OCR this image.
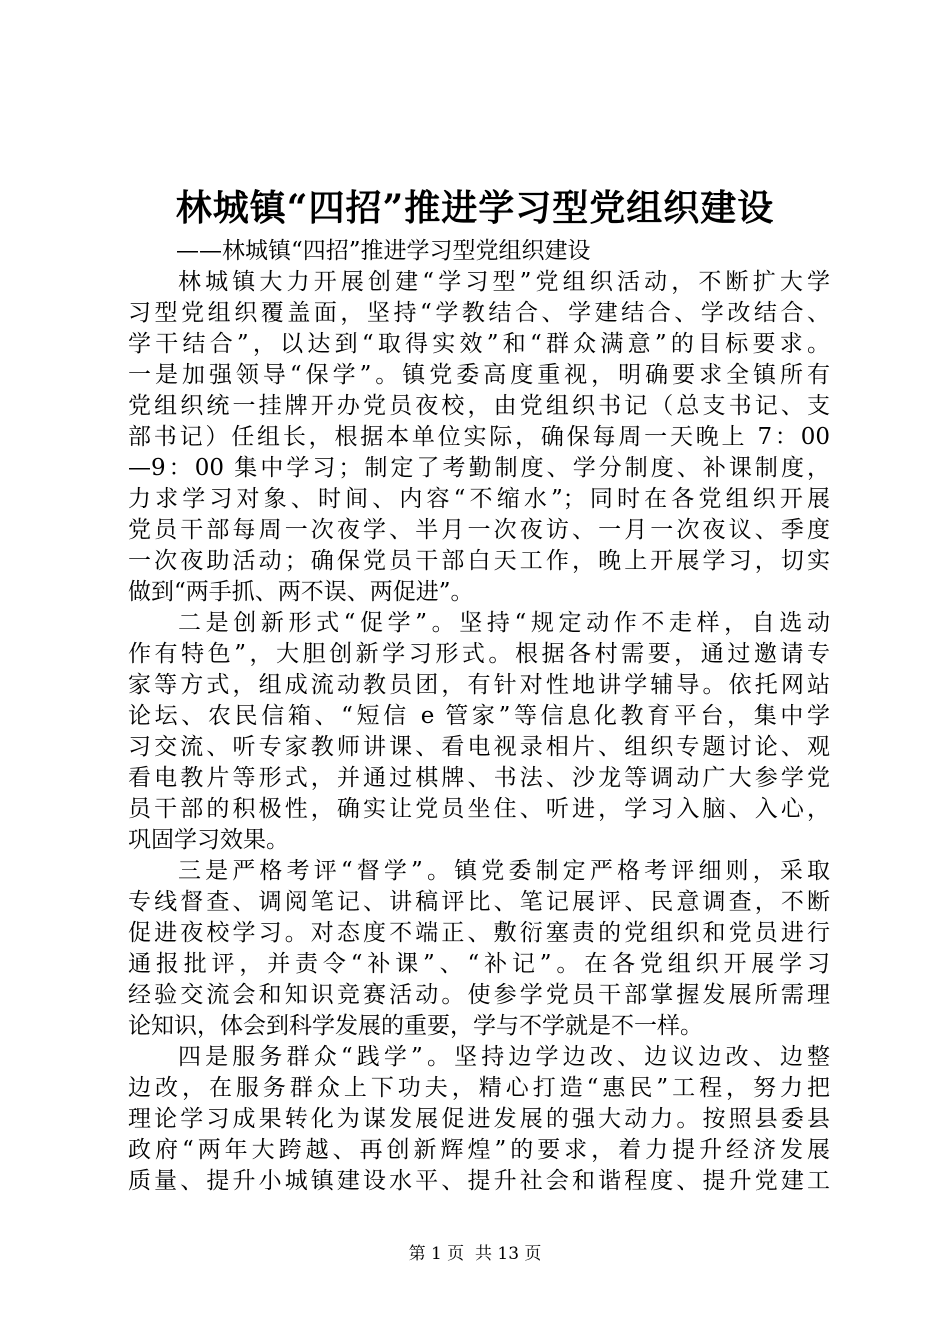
林城镇“四招”推进学习型党组织建设
——林城镇“四招”推进学习型党组织建设
林城镇大力开展创建“学习型”党组织活动，不断扩大学
习型党组织覆盖面，坚持“学教结合、学建结合、学改结合、
学干结合”，以达到“取得实效”和“群众满意”的目标要求。
一是加强领导“保学”。镇党委高度重视，明确要求全镇所有
党组织统一挂牌开办党员夜校，由党组织书记（总支书记、支
部书记）任组长，根据本单位实际，确保每周一天晚上 7：00
—9：00 集中学习；制定了考勤制度、学分制度、补课制度，
力求学习对象、时间、内容“不缩水”；同时在各党组织开展
党员干部每周一次夜学、半月一次夜访、一月一次夜议、季度
一次夜助活动；确保党员干部白天工作，晚上开展学习，切实
做到“两手抓、两不误、两促进”。
二是创新形式“促学”。坚持“规定动作不走样，自选动
作有特色”，大胆创新学习形式。根据各村需要，通过邀请专
家等方式，组成流动教员团，有针对性地讲学辅导。依托网站
论坛、农民信箱、“短信 e 管家”等信息化教育平台，集中学
习交流、听专家教师讲课、看电视录相片、组织专题讨论、观
看电教片等形式，并通过棋牌、书法、沙龙等调动广大参学党
员干部的积极性，确实让党员坐住、听进，学习入脑、入心，
巩固学习效果。
三是严格考评“督学”。镇党委制定严格考评细则，采取
专线督查、调阅笔记、讲稿评比、笔记展评、民意调查，不断
促进夜校学习。对态度不端正、敷衍塞责的党组织和党员进行
通报批评，并责令“补课”、“补记”。在各党组织开展学习
经验交流会和知识竞赛活动。使参学党员干部掌握发展所需理
论知识，体会到科学发展的重要，学与不学就是不一样。
四是服务群众“践学”。坚持边学边改、边议边改、边整
边改，在服务群众上下功夫，精心打造“惠民”工程，努力把
理论学习成果转化为谋发展促进发展的强大动力。按照县委县
政府“两年大跨越、再创新辉煌”的要求，着力提升经济发展
质量、提升小城镇建设水平、提升社会和谐程度、提升党建工
第 1 页  共 13 页
